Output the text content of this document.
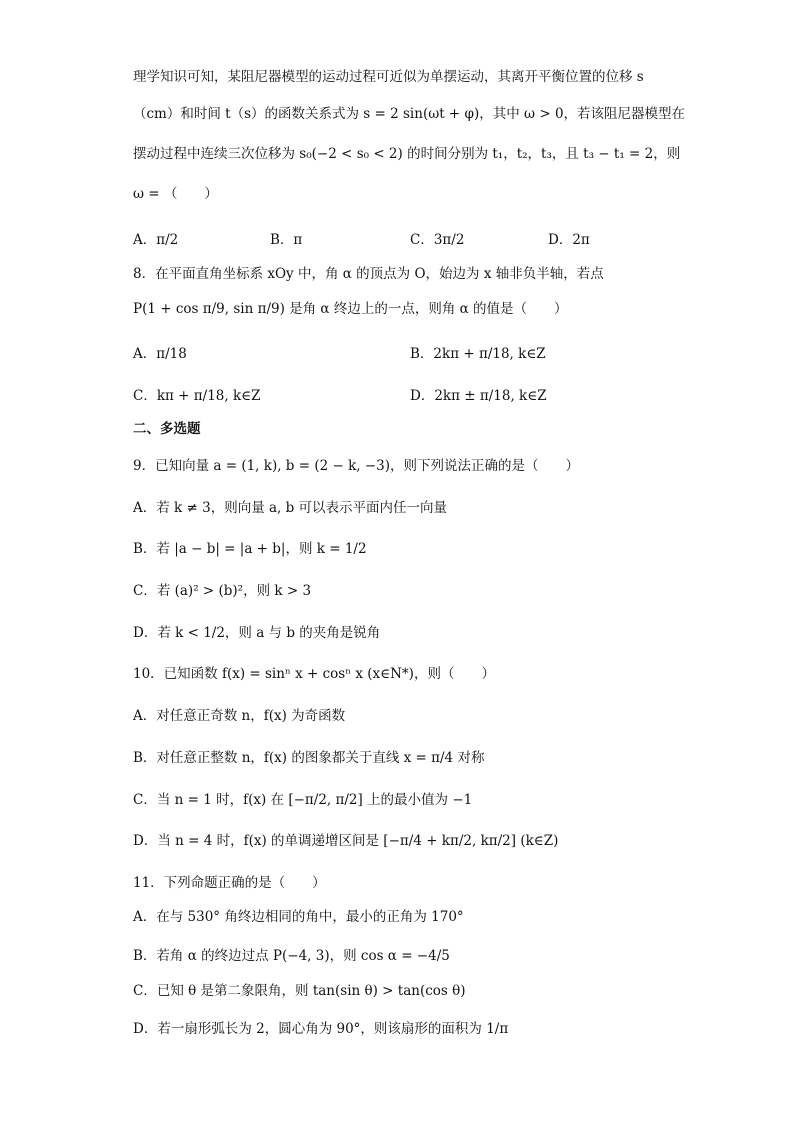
理学知识可知，某阻尼器模型的运动过程可近似为单摆运动，其离开平衡位置的位移 s
（cm）和时间 t（s）的函数关系式为 s = 2 sin(ωt + φ)，其中 ω > 0，若该阻尼器模型在
摆动过程中连续三次位移为 s₀(−2 < s₀ < 2) 的时间分别为 t₁，t₂，t₃，且 t₃ − t₁ = 2，则
ω = （　　）
A．π/2	B．π	C．3π/2	D．2π
8．在平面直角坐标系 xOy 中，角 α 的顶点为 O，始边为 x 轴非负半轴，若点
P(1 + cos π/9, sin π/9) 是角 α 终边上的一点，则角 α 的值是（　　）
A．π/18	B．2kπ + π/18, k∈Z
C．kπ + π/18, k∈Z	D．2kπ ± π/18, k∈Z
二、多选题
9．已知向量 a = (1, k), b = (2 − k, −3)，则下列说法正确的是（　　）
A．若 k ≠ 3，则向量 a, b 可以表示平面内任一向量
B．若 |a − b| = |a + b|，则 k = 1/2
C．若 (a)² > (b)²，则 k > 3
D．若 k < 1/2，则 a 与 b 的夹角是锐角
10．已知函数 f(x) = sinⁿ x + cosⁿ x (x∈N*)，则（　　）
A．对任意正奇数 n，f(x) 为奇函数
B．对任意正整数 n，f(x) 的图象都关于直线 x = π/4 对称
C．当 n = 1 时，f(x) 在 [−π/2, π/2] 上的最小值为 −1
D．当 n = 4 时，f(x) 的单调递增区间是 [−π/4 + kπ/2, kπ/2] (k∈Z)
11．下列命题正确的是（　　）
A．在与 530° 角终边相同的角中，最小的正角为 170°
B．若角 α 的终边过点 P(−4, 3)，则 cos α = −4/5
C．已知 θ 是第二象限角，则 tan(sin θ) > tan(cos θ)
D．若一扇形弧长为 2，圆心角为 90°，则该扇形的面积为 1/π
